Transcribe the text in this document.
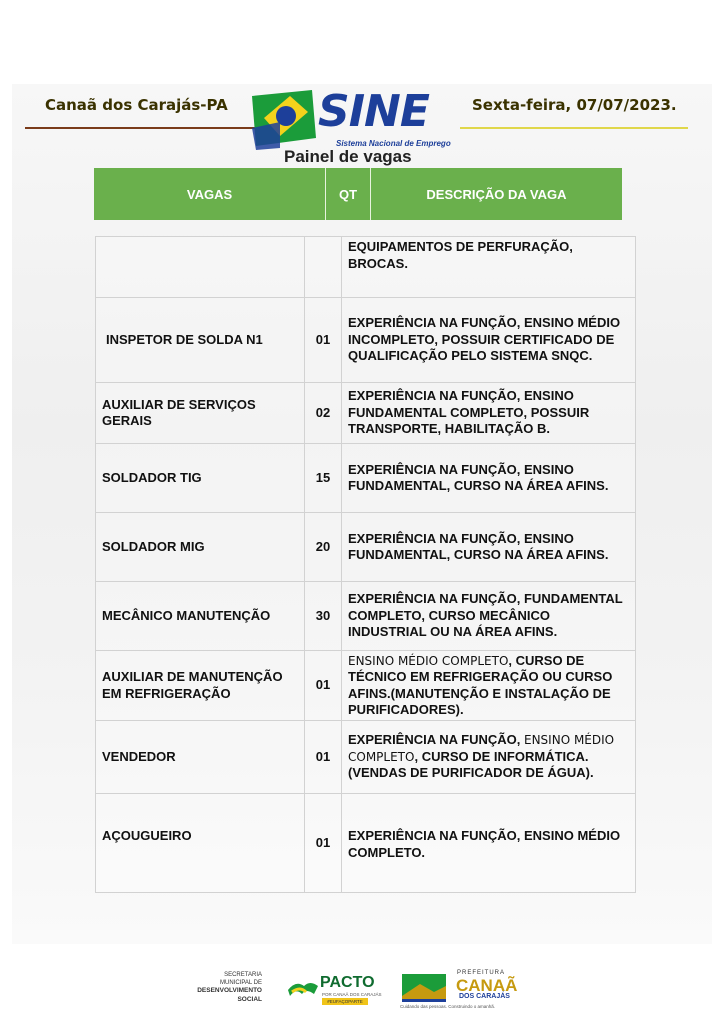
Canaã dos Carajás-PA	Sexta-feira, 07/07/2023.
SINE
Sistema Nacional de Emprego
Painel de vagas
VAGAS	QT	DESCRIÇÃO DA VAGA
		EQUIPAMENTOS DE PERFURAÇÃO, BROCAS.
INSPETOR DE SOLDA N1	01	EXPERIÊNCIA NA FUNÇÃO, ENSINO MÉDIO INCOMPLETO, POSSUIR CERTIFICADO DE QUALIFICAÇÃO PELO SISTEMA SNQC.
AUXILIAR DE SERVIÇOS GERAIS	02	EXPERIÊNCIA NA FUNÇÃO, ENSINO FUNDAMENTAL COMPLETO, POSSUIR TRANSPORTE, HABILITAÇÃO B.
SOLDADOR TIG	15	EXPERIÊNCIA NA FUNÇÃO, ENSINO FUNDAMENTAL, CURSO NA ÁREA AFINS.
SOLDADOR MIG	20	EXPERIÊNCIA NA FUNÇÃO, ENSINO FUNDAMENTAL, CURSO NA ÁREA AFINS.
MECÂNICO MANUTENÇÃO	30	EXPERIÊNCIA NA FUNÇÃO, FUNDAMENTAL COMPLETO, CURSO MECÂNICO INDUSTRIAL OU NA ÁREA AFINS.
AUXILIAR DE MANUTENÇÃO EM REFRIGERAÇÃO	01	ENSINO MÉDIO COMPLETO, CURSO DE TÉCNICO EM REFRIGERAÇÃO OU CURSO AFINS.(MANUTENÇÃO E INSTALAÇÃO DE PURIFICADORES).
VENDEDOR	01	EXPERIÊNCIA NA FUNÇÃO, ENSINO MÉDIO COMPLETO, CURSO DE INFORMÁTICA. (VENDAS DE PURIFICADOR DE ÁGUA).
AÇOUGUEIRO	01	EXPERIÊNCIA NA FUNÇÃO, ENSINO MÉDIO COMPLETO.
SECRETARIA
MUNICIPAL DE
DESENVOLVIMENTO
SOCIAL
PACTO
POR CANAÃ DOS CARAJÁS
#EUFAÇOPARTE
PREFEITURA
CANAÃ
DOS CARAJÁS
Cuidando das pessoas. Construindo o amanhã.
